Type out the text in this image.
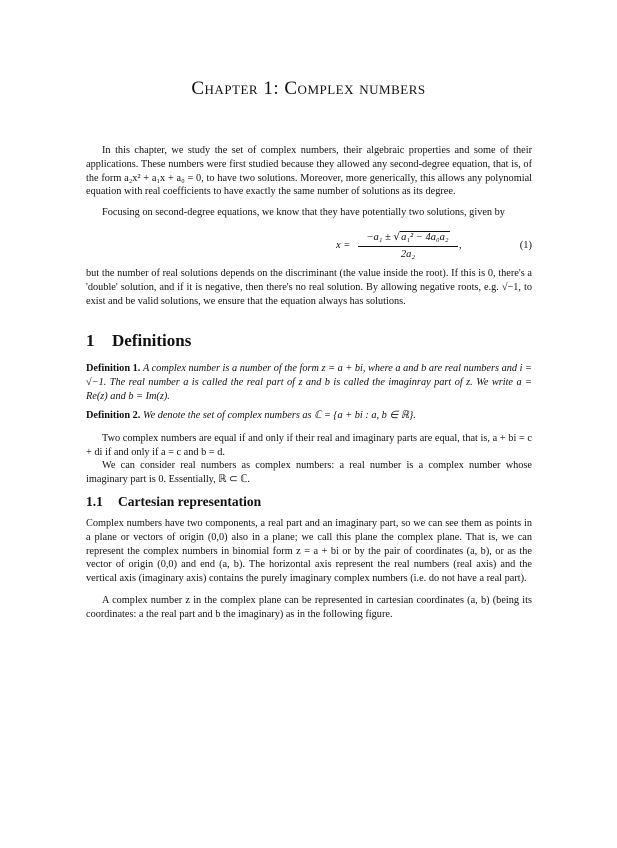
Chapter 1: Complex numbers

In this chapter, we study the set of complex numbers, their algebraic properties and some of their applications. These numbers were first studied because they allowed any second-degree equation, that is, of the form a₂x² + a₁x + a₀ = 0, to have two solutions. Moreover, more generically, this allows any polynomial equation with real coefficients to have exactly the same number of solutions as its degree.

Focusing on second-degree equations, we know that they have potentially two solutions, given by

x =
−a₁ ± √a₁² − 4a₀a₂
2a₂
,	(1)

but the number of real solutions depends on the discriminant (the value inside the root). If this is 0, there's a 'double' solution, and if it is negative, then there's no real solution. By allowing negative roots, e.g. √−1, to exist and be valid solutions, we ensure that the equation always has solutions.

1 Definitions

Definition 1. A complex number is a number of the form z = a + bi, where a and b are real numbers and i = √−1. The real number a is called the real part of z and b is called the imaginray part of z. We write a = Re(z) and b = Im(z).

Definition 2. We denote the set of complex numbers as ℂ = {a + bi : a, b ∈ ℝ}.

Two complex numbers are equal if and only if their real and imaginary parts are equal, that is, a + bi = c + di if and only if a = c and b = d.

We can consider real numbers as complex numbers: a real number is a complex number whose imaginary part is 0. Essentially, ℝ ⊂ ℂ.

1.1 Cartesian representation

Complex numbers have two components, a real part and an imaginary part, so we can see them as points in a plane or vectors of origin (0,0) also in a plane; we call this plane the complex plane. That is, we can represent the complex numbers in binomial form z = a + bi or by the pair of coordinates (a, b), or as the vector of origin (0,0) and end (a, b). The horizontal axis represent the real numbers (real axis) and the vertical axis (imaginary axis) contains the purely imaginary complex numbers (i.e. do not have a real part).

A complex number z in the complex plane can be represented in cartesian coordinates (a, b) (being its coordinates: a the real part and b the imaginary) as in the following figure.
